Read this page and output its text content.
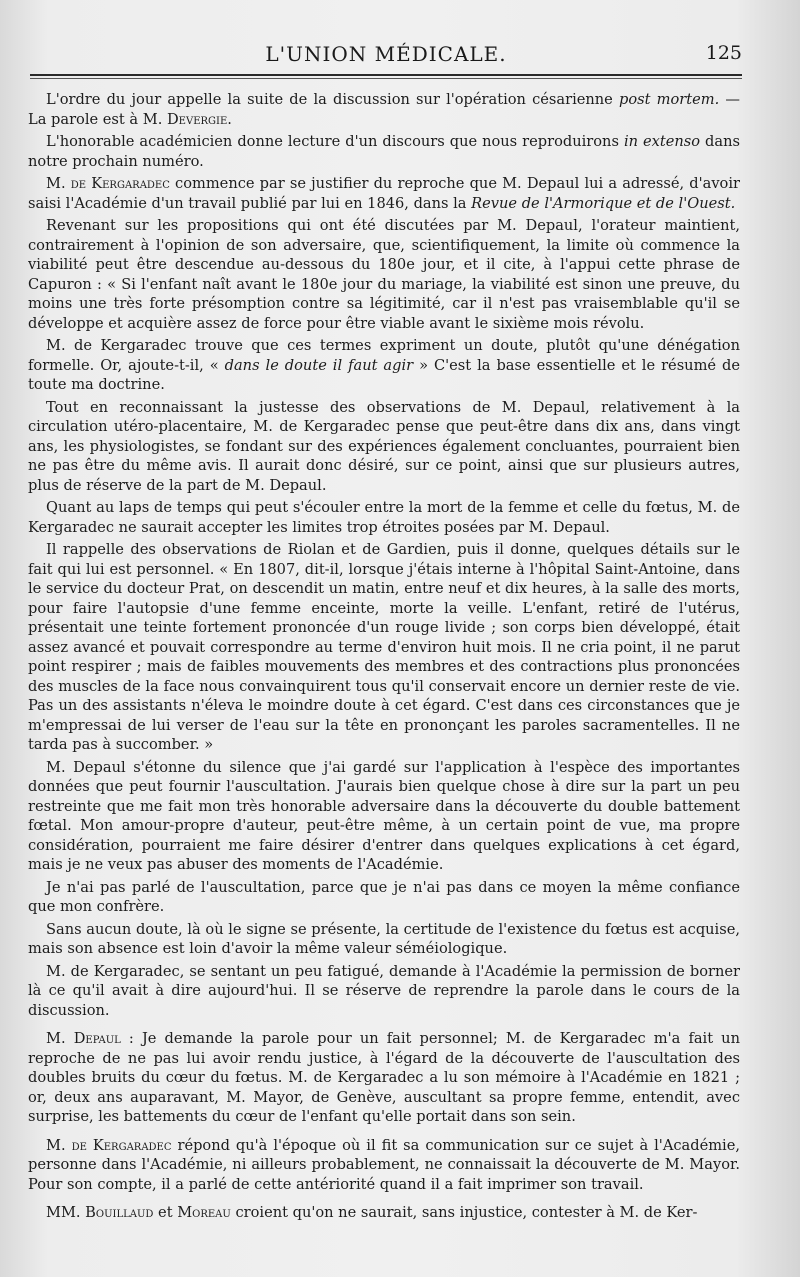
L'UNION MÉDICALE.	125

L'ordre du jour appelle la suite de la discussion sur l'opération césarienne post mortem. — La parole est à M. Devergie.

L'honorable académicien donne lecture d'un discours que nous reproduirons in extenso dans notre prochain numéro.

M. de Kergaradec commence par se justifier du reproche que M. Depaul lui a adressé, d'avoir saisi l'Académie d'un travail publié par lui en 1846, dans la Revue de l'Armorique et de l'Ouest.

Revenant sur les propositions qui ont été discutées par M. Depaul, l'orateur maintient, contrairement à l'opinion de son adversaire, que, scientifiquement, la limite où commence la viabilité peut être descendue au-dessous du 180e jour, et il cite, à l'appui cette phrase de Capuron : « Si l'enfant naît avant le 180e jour du mariage, la viabilité est sinon une preuve, du moins une très forte présomption contre sa légitimité, car il n'est pas vraisemblable qu'il se développe et acquière assez de force pour être viable avant le sixième mois révolu.

M. de Kergaradec trouve que ces termes expriment un doute, plutôt qu'une dénégation formelle. Or, ajoute-t-il, « dans le doute il faut agir » C'est la base essentielle et le résumé de toute ma doctrine.

Tout en reconnaissant la justesse des observations de M. Depaul, relativement à la circulation utéro-placentaire, M. de Kergaradec pense que peut-être dans dix ans, dans vingt ans, les physiologistes, se fondant sur des expériences également concluantes, pourraient bien ne pas être du même avis. Il aurait donc désiré, sur ce point, ainsi que sur plusieurs autres, plus de réserve de la part de M. Depaul.

Quant au laps de temps qui peut s'écouler entre la mort de la femme et celle du fœtus, M. de Kergaradec ne saurait accepter les limites trop étroites posées par M. Depaul.

Il rappelle des observations de Riolan et de Gardien, puis il donne, quelques détails sur le fait qui lui est personnel. « En 1807, dit-il, lorsque j'étais interne à l'hôpital Saint-Antoine, dans le service du docteur Prat, on descendit un matin, entre neuf et dix heures, à la salle des morts, pour faire l'autopsie d'une femme enceinte, morte la veille. L'enfant, retiré de l'utérus, présentait une teinte fortement prononcée d'un rouge livide ; son corps bien développé, était assez avancé et pouvait correspondre au terme d'environ huit mois. Il ne cria point, il ne parut point respirer ; mais de faibles mouvements des membres et des contractions plus prononcées des muscles de la face nous convainquirent tous qu'il conservait encore un dernier reste de vie. Pas un des assistants n'éleva le moindre doute à cet égard. C'est dans ces circonstances que je m'empressai de lui verser de l'eau sur la tête en prononçant les paroles sacramentelles. Il ne tarda pas à succomber. »

M. Depaul s'étonne du silence que j'ai gardé sur l'application à l'espèce des importantes données que peut fournir l'auscultation. J'aurais bien quelque chose à dire sur la part un peu restreinte que me fait mon très honorable adversaire dans la découverte du double battement fœtal. Mon amour-propre d'auteur, peut-être même, à un certain point de vue, ma propre considération, pourraient me faire désirer d'entrer dans quelques explications à cet égard, mais je ne veux pas abuser des moments de l'Académie.

Je n'ai pas parlé de l'auscultation, parce que je n'ai pas dans ce moyen la même confiance que mon confrère.

Sans aucun doute, là où le signe se présente, la certitude de l'existence du fœtus est acquise, mais son absence est loin d'avoir la même valeur séméiologique.

M. de Kergaradec, se sentant un peu fatigué, demande à l'Académie la permission de borner là ce qu'il avait à dire aujourd'hui. Il se réserve de reprendre la parole dans le cours de la discussion.

M. Depaul : Je demande la parole pour un fait personnel; M. de Kergaradec m'a fait un reproche de ne pas lui avoir rendu justice, à l'égard de la découverte de l'auscultation des doubles bruits du cœur du fœtus. M. de Kergaradec a lu son mémoire à l'Académie en 1821 ; or, deux ans auparavant, M. Mayor, de Genève, auscultant sa propre femme, entendit, avec surprise, les battements du cœur de l'enfant qu'elle portait dans son sein.

M. de Kergaradec répond qu'à l'époque où il fit sa communication sur ce sujet à l'Académie, personne dans l'Académie, ni ailleurs probablement, ne connaissait la découverte de M. Mayor. Pour son compte, il a parlé de cette antériorité quand il a fait imprimer son travail.

MM. Bouillaud et Moreau croient qu'on ne saurait, sans injustice, contester à M. de Ker-
